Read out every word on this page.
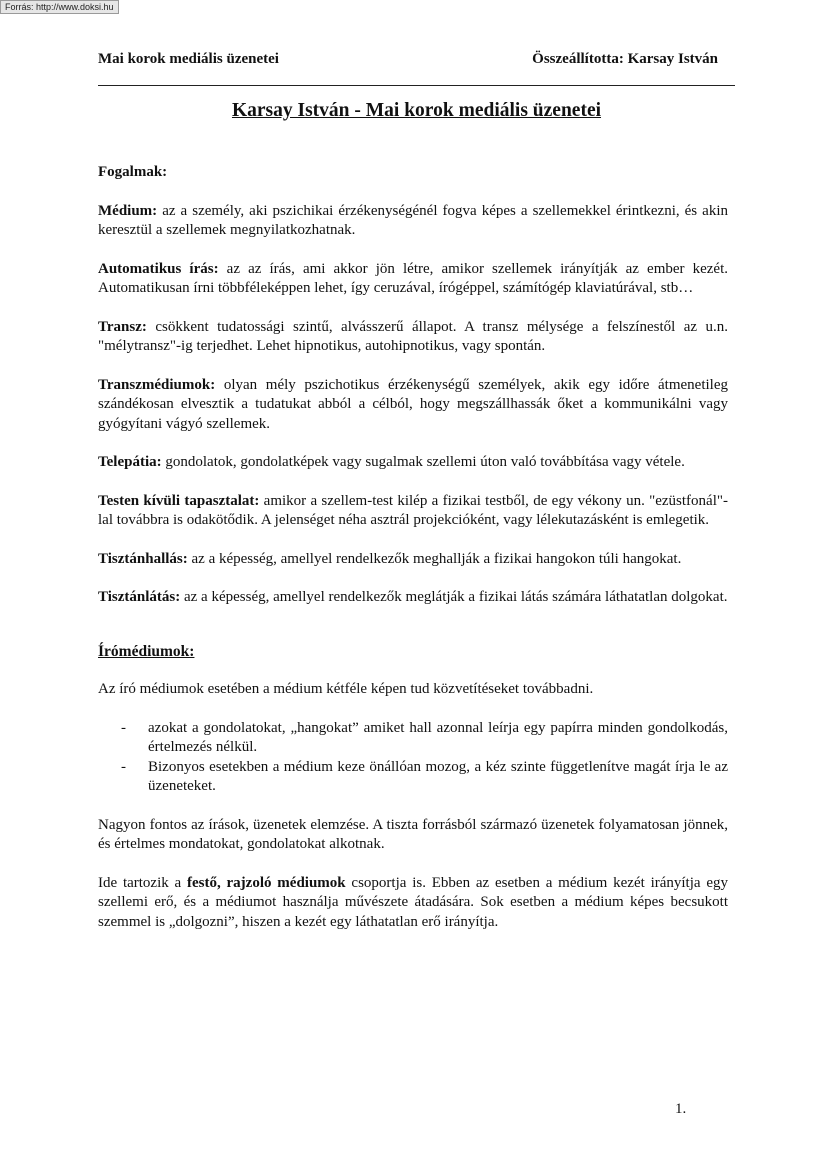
Forrás: http://www.doksi.hu
Mai korok mediális üzenetei	Összeállította: Karsay István
Karsay István - Mai korok mediális üzenetei

Fogalmak:

Médium: az a személy, aki pszichikai érzékenységénél fogva képes a szellemekkel érintkezni, és akin keresztül a szellemek megnyilatkozhatnak.

Automatikus írás: az az írás, ami akkor jön létre, amikor szellemek irányítják az ember kezét. Automatikusan írni többféleképpen lehet, így ceruzával, írógéppel, számítógép klaviatúrával, stb…

Transz: csökkent tudatossági szintű, alvásszerű állapot. A transz mélysége a felszínestől az u.n. "mélytransz"-ig terjedhet. Lehet hipnotikus, autohipnotikus, vagy spontán.

Transzmédiumok: olyan mély pszichotikus érzékenységű személyek, akik egy időre átmenetileg szándékosan elvesztik a tudatukat abból a célból, hogy megszállhassák őket a kommunikálni vagy gyógyítani vágyó szellemek.

Telepátia: gondolatok, gondolatképek vagy sugalmak szellemi úton való továbbítása vagy vétele.

Testen kívüli tapasztalat: amikor a szellem-test kilép a fizikai testből, de egy vékony un. "ezüstfonál"-lal továbbra is odakötődik. A jelenséget néha asztrál projekcióként, vagy lélekutazásként is emlegetik.

Tisztánhallás: az a képesség, amellyel rendelkezők meghallják a fizikai hangokon túli hangokat.

Tisztánlátás: az a képesség, amellyel rendelkezők meglátják a fizikai látás számára láthatatlan dolgokat.

Írómédiumok:

Az író médiumok esetében a médium kétféle képen tud közvetítéseket továbbadni.

- azokat a gondolatokat, „hangokat” amiket hall azonnal leírja egy papírra minden gondolkodás, értelmezés nélkül.
- Bizonyos esetekben a médium keze önállóan mozog, a kéz szinte függetlenítve magát írja le az üzeneteket.

Nagyon fontos az írások, üzenetek elemzése. A tiszta forrásból származó üzenetek folyamatosan jönnek, és értelmes mondatokat, gondolatokat alkotnak.

Ide tartozik a festő, rajzoló médiumok csoportja is. Ebben az esetben a médium kezét irányítja egy szellemi erő, és a médiumot használja művészete átadására. Sok esetben a médium képes becsukott szemmel is „dolgozni”, hiszen a kezét egy láthatatlan erő irányítja.

1.
